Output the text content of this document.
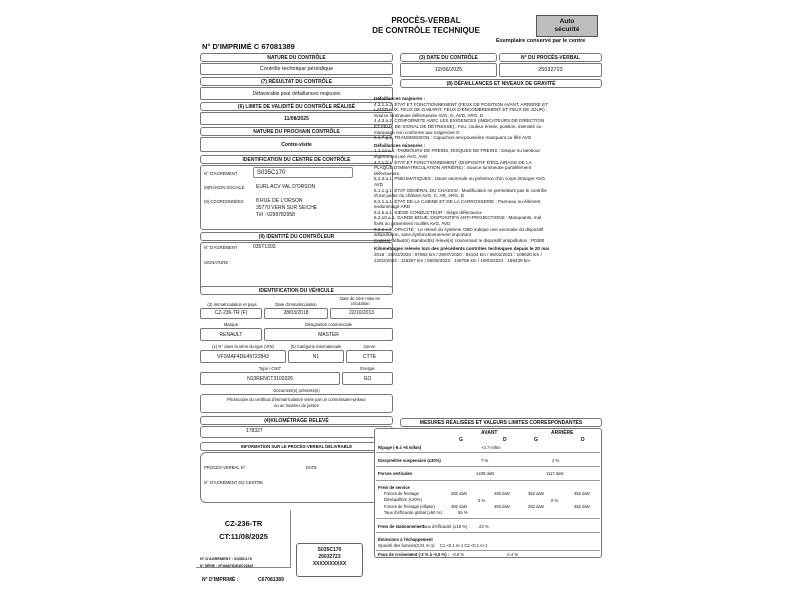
PROCÈS-VERBAL
DE CONTRÔLE TECHNIQUE
Auto
sécurité
Exemplaire conservé par le centre
N° D'IMPRIMÉ C 67081389
NATURE DU CONTRÔLE
Contrôle technique périodique
(7) RÉSULTAT DU CONTRÔLE
Défavorable pour défaillances majeures
(6) LIMITE DE VALIDITÉ DU CONTRÔLE RÉALISÉ
11/08/2025
NATURE DU PROCHAIN CONTRÔLE
Contre-visite
IDENTIFICATION DU CENTRE DE CONTRÔLE
N° D'AGRÉMENT	S035C170
(9)RAISON SOCIALE EURL ACV VAL D'ORSON
(9) COORDONNÉES 8 RUE DE L'ORSON
35770 VERN SUR SEICHE
Tél : 0299782958
(9) IDENTITÉ DU CONTRÔLEUR
N° D'AGRÉMENT	035T1303
SIGNATURE :
IDENTIFICATION DU VÉHICULE
(2) Immatriculation et pays	Date d'immatriculation
Date de 1ère mise en circulation
CZ-236-TR (F)	28/03/2018	22/10/2013
Marque	Désignation commerciale
RENAULT	MASTER
(1) N° dans la série du type (VIN)	(5) Catégorie internationale	Genre
VF1MAF4DE49722843	N1	CTTE
Type / CNIT	Énergie
N10RENCT3102026	GO
Document(s) présenté(s)
Photocopie du certificat d'immatriculation visée par un commissaire-priseur
ou un huissier de justice
(4)KILOMÉTRAGE RELEVÉ
178327
INFORMATION SUR LE PROCÈS-VERBAL DÉLIVRABLE
PROCÈS-VERBAL N°	DATE
N° D'AGRÉMENT DU CENTRE
CZ-236-TR
CT:11/08/2025
N° D'AGRÉMENT : S035C170
N° SÉRIE : VF1MAF4DE49722843
N° D'IMPRIMÉ :	C67081389
S035C170
25032723
XXXXXXXXXX
(3) DATE DU CONTRÔLE
12/06/2025
N° DU PROCÈS-VERBAL
25032723
(8) DÉFAILLANCES ET NIVEAUX DE GRAVITÉ
Défaillances majeures :
4.2.1.a.2. ÉTAT ET FONCTIONNEMENT (FEUX DE POSITION AVANT, ARRIÈRE ET
LATÉRAUX, FEUX DE GABARIT, FEUX D'ENCOMBREMENT ET FEUX DE JOUR) :
Source lumineuse défectueuse AVG, G, AVD, ARG, D
4.4.3.a.2. CONFORMITÉ AVEC LES EXIGENCES (INDICATEURS DE DIRECTION
ET FEUX DE SIGNAL DE DÉTRESSE) : Feu, couleur émise, position, intensité ou
marquage non conforme aux exigences G
6.1.7.g.2. TRANSMISSION : Capuchon anti-poussière manquant ou fêlé AVG
Défaillances mineures :
1.1.14.a.1. TAMBOURS DE FREINS, DISQUES DE FREINS : Disque ou tambour
légèrement usé AVG, AVD
4.7.1.b.1. ÉTAT ET FONCTIONNEMENT (DISPOSITIF D'ÉCLAIRAGE DE LA
PLAQUE D'IMMATRICULATION ARRIÈRE) : Source lumineuse partiellement
défectueuse
5.2.3.a.1. PNEUMATIQUES : Usure anormale ou présence d'un corps étranger AVG,
AVD
6.1.1.g.1. ÉTAT GÉNÉRAL DU CHÂSSIS : Modification ne permettant pas le contrôle
d'une partie du châssis AVG, C, AR, ARG, D
6.2.1.a.1. ÉTAT DE LA CABINE ET DE LA CARROSSERIE : Panneau ou élément
endommagé ARD
6.2.5.a.1. SIÈGE CONDUCTEUR : Siège défectueux
6.2.10.a.1. GARDE-BOUE, DISPOSITIFS ANTI-PROJECTIONS : Manquants, mal
fixés ou gravement rouillés AVG, AVD
8.2.2.c.1. OPACITÉ : Le relevé du système OBD indique une anomalie du dispositif
antipollution, sans dysfonctionnement important
Code(s) défaut(s) standard(s) relevé(s) concernant le dispositif antipollution : P0380
Kilométrages relevés lors des précédents contrôles techniques depuis le 20 mai
2018 : 20/02/2020 : 87882 km / 29/07/2020 : 94104 km / 06/02/2021 : 109520 km /
12/02/2022 : 118357 km / 06/06/2023 : 148758 km / 19/03/2024 : 159439 km
MESURES RÉALISÉES ET VALEURS LIMITES CORRESPONDANTES
AVANT	ARRIÈRE
G	D	G	D
Ripage (-8 à +8 m/km)	+2.7 m/km
Dissymétrie suspension (≤30%)	7 %	2 %
Forces verticales	1439 daN	1117 daN
Frein de service
Forces de freinage	482 daN	493 daN	352 daN	352 daN
Déséquilibre (≤20%)	3 %	0 %
Forces de freinage (ellipse)	482 daN	493 daN	352 daN	352 daN
Taux d'efficacité global (≥50 %) :	65 %
Frein de stationnement
Taux d'efficacité (≥16 %) : 23 %
Émissions à l'échappement
Opacité des fumées(0.01 m-1) C1 <0.1 m-1 C2 <0.1 m-1
Faux de croisement (-3 % à -0,5 %) : -0.5 %	-2.4 %
